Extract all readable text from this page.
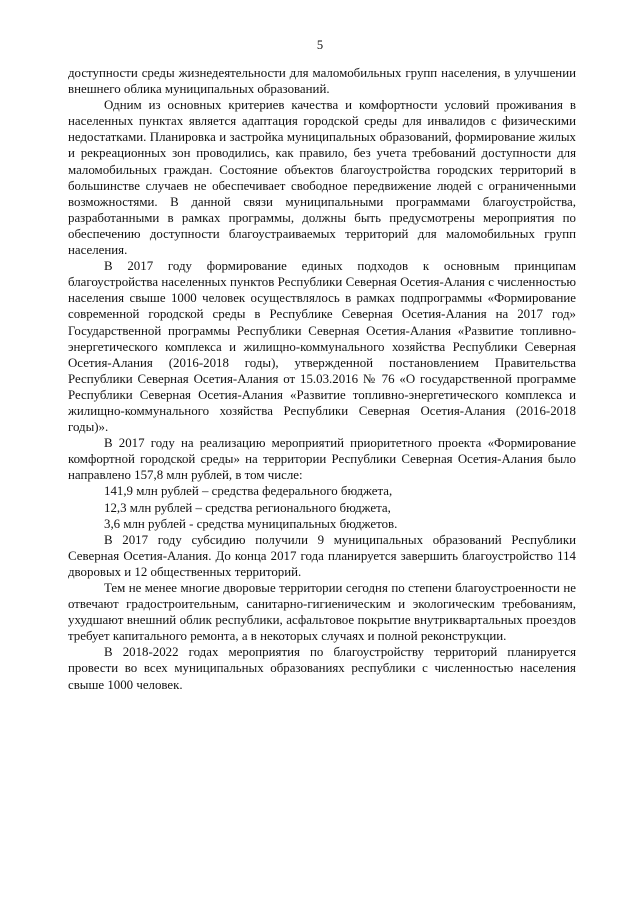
5

доступности среды жизнедеятельности для маломобильных групп населения, в улучшении внешнего облика муниципальных образований.

Одним из основных критериев качества и комфортности условий проживания в населенных пунктах является адаптация городской среды для инвалидов с физическими недостатками. Планировка и застройка муниципальных образований, формирование жилых и рекреационных зон проводились, как правило, без учета требований доступности для маломобильных граждан. Состояние объектов благоустройства городских территорий в большинстве случаев не обеспечивает свободное передвижение людей с ограниченными возможностями. В данной связи муниципальными программами благоустройства, разработанными в рамках программы, должны быть предусмотрены мероприятия по обеспечению доступности благоустраиваемых территорий для маломобильных групп населения.

В 2017 году формирование единых подходов к основным принципам благоустройства населенных пунктов Республики Северная Осетия-Алания с численностью населения свыше 1000 человек осуществлялось в рамках подпрограммы «Формирование современной городской среды в Республике Северная Осетия-Алания на 2017 год» Государственной программы Республики Северная Осетия-Алания «Развитие топливно-энергетического комплекса и жилищно-коммунального хозяйства Республики Северная Осетия-Алания (2016-2018 годы), утвержденной постановлением Правительства Республики Северная Осетия-Алания от 15.03.2016 № 76 «О государственной программе Республики Северная Осетия-Алания «Развитие топливно-энергетического комплекса и жилищно-коммунального хозяйства Республики Северная Осетия-Алания (2016-2018 годы)».

В 2017 году на реализацию мероприятий приоритетного проекта «Формирование комфортной городской среды» на территории Республики Северная Осетия-Алания было направлено 157,8 млн рублей, в том числе:

141,9 млн рублей – средства федерального бюджета,

12,3 млн рублей – средства регионального бюджета,

3,6 млн рублей - средства муниципальных бюджетов.

В 2017 году субсидию получили 9 муниципальных образований Республики Северная Осетия-Алания. До конца 2017 года планируется завершить благоустройство 114 дворовых и 12 общественных территорий.

Тем не менее многие дворовые территории сегодня по степени благоустроенности не отвечают градостроительным, санитарно-гигиеническим и экологическим требованиям, ухудшают внешний облик республики, асфальтовое покрытие внутриквартальных проездов требует капитального ремонта, а в некоторых случаях и полной реконструкции.

В 2018-2022 годах мероприятия по благоустройству территорий планируется провести во всех муниципальных образованиях республики с численностью населения свыше 1000 человек.
